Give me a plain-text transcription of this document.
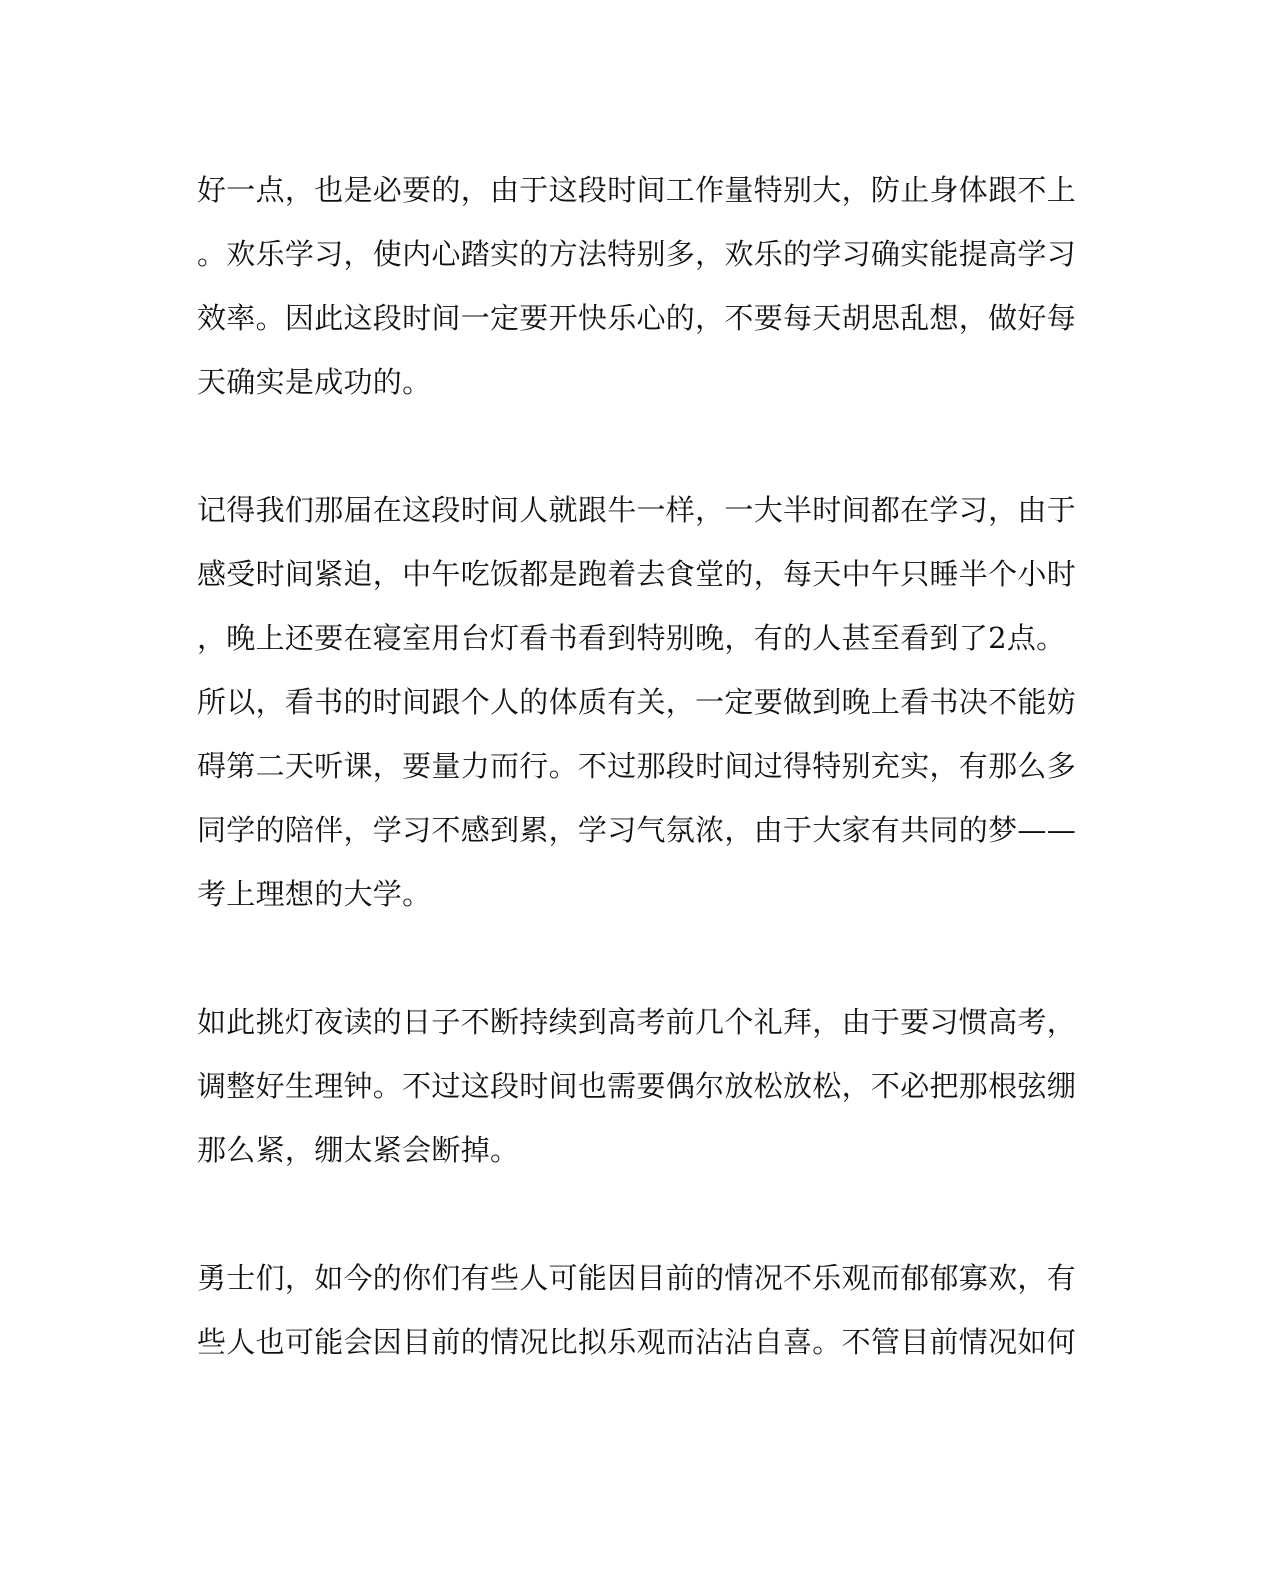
好一点，也是必要的，由于这段时间工作量特别大，防止身体跟不上

。欢乐学习，使内心踏实的方法特别多，欢乐的学习确实能提高学习

效率。因此这段时间一定要开快乐心的，不要每天胡思乱想，做好每

天确实是成功的。

记得我们那届在这段时间人就跟牛一样，一大半时间都在学习，由于

感受时间紧迫，中午吃饭都是跑着去食堂的，每天中午只睡半个小时

，晚上还要在寝室用台灯看书看到特别晚，有的人甚至看到了2点。

所以，看书的时间跟个人的体质有关，一定要做到晚上看书决不能妨

碍第二天听课，要量力而行。不过那段时间过得特别充实，有那么多

同学的陪伴，学习不感到累，学习气氛浓，由于大家有共同的梦——

考上理想的大学。

如此挑灯夜读的日子不断持续到高考前几个礼拜，由于要习惯高考，

调整好生理钟。不过这段时间也需要偶尔放松放松，不必把那根弦绷

那么紧，绷太紧会断掉。

勇士们，如今的你们有些人可能因目前的情况不乐观而郁郁寡欢，有

些人也可能会因目前的情况比拟乐观而沾沾自喜。不管目前情况如何
